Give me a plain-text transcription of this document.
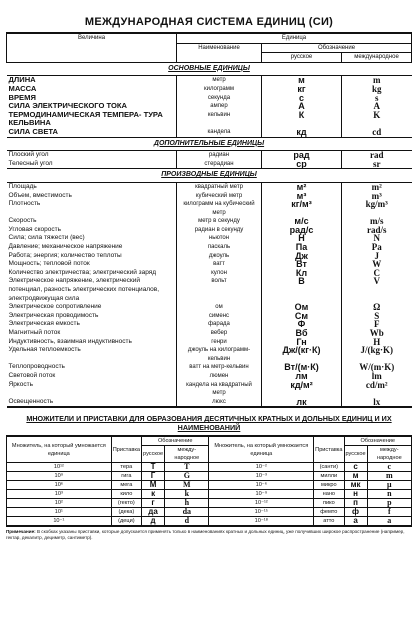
МЕЖДУНАРОДНАЯ СИСТЕМА ЕДИНИЦ (СИ)
Величина	Единица		
	Наименование	Обозначение	
		русское	международное
ОСНОВНЫЕ ЕДИНИЦЫ			
ДЛИНА	метр	м	m
МАССА	килограмм	кг	kg
ВРЕМЯ	секунда	с	s
СИЛА ЭЛЕКТРИЧЕСКОГО ТОКА	ампер	А	А
ТЕРМОДИНАМИЧЕСКАЯ ТЕМПЕРА- ТУРА КЕЛЬВИНА	кельвин	К	K
СИЛА СВЕТА	кандела	кд	cd
ДОПОЛНИТЕЛЬНЫЕ ЕДИНИЦЫ			
Плоский угол	радиан	рад	rad
Телесный угол	стерадиан	ср	sr
ПРОИЗВОДНЫЕ ЕДИНИЦЫ			
Площадь	квадратный метр	м²	m²
Объем, вместимость	кубический метр	м³	m³
Плотность	килограмм на кубический метр	кг/м³	kg/m³
Скорость	метр в секунду	м/с	m/s
Угловая скорость	радиан в секунду	рад/с	rad/s
Сила; сила тяжести (вес)	ньютон	Н	N
Давление; механическое напряжение	паскаль	Па	Pa
Работа; энергия; количество теплоты	джоуль	Дж	J
Мощность; тепловой поток	ватт	Вт	W
Количество электричества; электрический заряд	кулон	Кл	C
Электрическое напряжение, электрический потенциал, разность электрических потенциалов, электродвижущая сила	вольт	В	V
Электрическое сопротивление	ом	Ом	Ω
Электрическая проводимость	сименс	См	S
Электрическая емкость	фарада	Ф	F
Магнитный поток	вебер	Вб	Wb
Индуктивность, взаимная индуктивность	генри	Гн	H
Удельная теплоемкость	джоуль на килограмм-кельвин	Дж/(кг·К)	J/(kg·K)
Теплопроводность	ватт на метр-кельвин	Вт/(м·К)	W/(m·K)
Световой поток	люмен	лм	lm
Яркость	кандела на квадратный метр	кд/м²	cd/m²
Освещенность	люкс	лк	lx
МНОЖИТЕЛИ И ПРИСТАВКИ ДЛЯ ОБРАЗОВАНИЯ ДЕСЯТИЧНЫХ КРАТНЫХ И ДОЛЬНЫХ ЕДИНИЦ И ИХ НАИМЕНОВАНИЙ
Множитель, на который умножается единица	Приставка	Обозначение		Множитель, на который умножается единица	Приставка	Обозначение	
		русское	между- народное			русское	между- народное
10¹²	тера	Т	T	10⁻²	(санти)	с	c
10⁹	гига	Г	G	10⁻³	милли	м	m
10⁶	мега	М	M	10⁻⁶	микро	мк	μ
10³	кило	к	k	10⁻⁹	нано	н	n
10²	(гекто)	г	h	10⁻¹²	пико	п	p
10¹	(дека)	да	da	10⁻¹⁵	фемто	ф	f
10⁻¹	(деци)	д	d	10⁻¹⁸	атто	а	a
Примечание: В скобках указаны приставки, которые допускается применять только в наименованиях кратных и дольных единиц, уже получивших широкое распространение (например, гектар, декалитр, дециметр, сантиметр).
